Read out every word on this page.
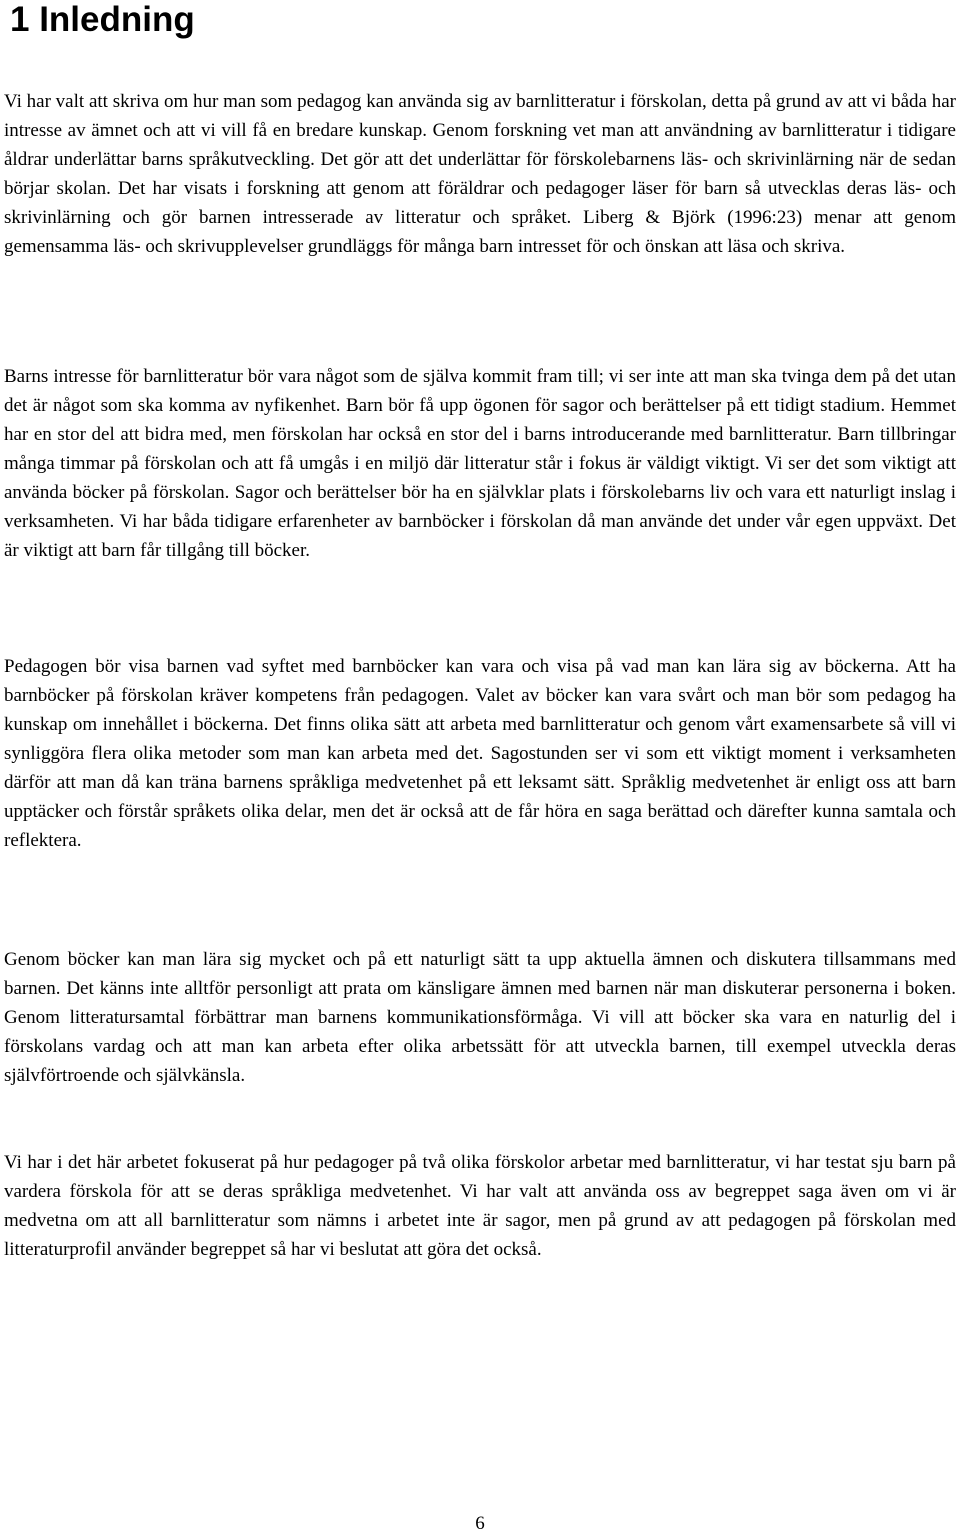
1 Inledning

Vi har valt att skriva om hur man som pedagog kan använda sig av barnlitteratur i förskolan, detta på grund av att vi båda har intresse av ämnet och att vi vill få en bredare kunskap. Genom forskning vet man att användning av barnlitteratur i tidigare åldrar underlättar barns språkutveckling. Det gör att det underlättar för förskolebarnens läs- och skrivinlärning när de sedan börjar skolan. Det har visats i forskning att genom att föräldrar och pedagoger läser för barn så utvecklas deras läs- och skrivinlärning och gör barnen intresserade av litteratur och språket. Liberg & Björk (1996:23) menar att genom gemensamma läs- och skrivupplevelser grundläggs för många barn intresset för och önskan att läsa och skriva.

Barns intresse för barnlitteratur bör vara något som de själva kommit fram till; vi ser inte att man ska tvinga dem på det utan det är något som ska komma av nyfikenhet. Barn bör få upp ögonen för sagor och berättelser på ett tidigt stadium. Hemmet har en stor del att bidra med, men förskolan har också en stor del i barns introducerande med barnlitteratur. Barn tillbringar många timmar på förskolan och att få umgås i en miljö där litteratur står i fokus är väldigt viktigt. Vi ser det som viktigt att använda böcker på förskolan. Sagor och berättelser bör ha en självklar plats i förskolebarns liv och vara ett naturligt inslag i verksamheten. Vi har båda tidigare erfarenheter av barnböcker i förskolan då man använde det under vår egen uppväxt. Det är viktigt att barn får tillgång till böcker.

Pedagogen bör visa barnen vad syftet med barnböcker kan vara och visa på vad man kan lära sig av böckerna. Att ha barnböcker på förskolan kräver kompetens från pedagogen. Valet av böcker kan vara svårt och man bör som pedagog ha kunskap om innehållet i böckerna. Det finns olika sätt att arbeta med barnlitteratur och genom vårt examensarbete så vill vi synliggöra flera olika metoder som man kan arbeta med det. Sagostunden ser vi som ett viktigt moment i verksamheten därför att man då kan träna barnens språkliga medvetenhet på ett leksamt sätt. Språklig medvetenhet är enligt oss att barn upptäcker och förstår språkets olika delar, men det är också att de får höra en saga berättad och därefter kunna samtala och reflektera.

Genom böcker kan man lära sig mycket och på ett naturligt sätt ta upp aktuella ämnen och diskutera tillsammans med barnen. Det känns inte alltför personligt att prata om känsligare ämnen med barnen när man diskuterar personerna i boken. Genom litteratursamtal förbättrar man barnens kommunikationsförmåga. Vi vill att böcker ska vara en naturlig del i förskolans vardag och att man kan arbeta efter olika arbetssätt för att utveckla barnen, till exempel utveckla deras självförtroende och självkänsla.

Vi har i det här arbetet fokuserat på hur pedagoger på två olika förskolor arbetar med barnlitteratur, vi har testat sju barn på vardera förskola för att se deras språkliga medvetenhet. Vi har valt att använda oss av begreppet saga även om vi är medvetna om att all barnlitteratur som nämns i arbetet inte är sagor, men på grund av att pedagogen på förskolan med litteraturprofil använder begreppet så har vi beslutat att göra det också.

6
